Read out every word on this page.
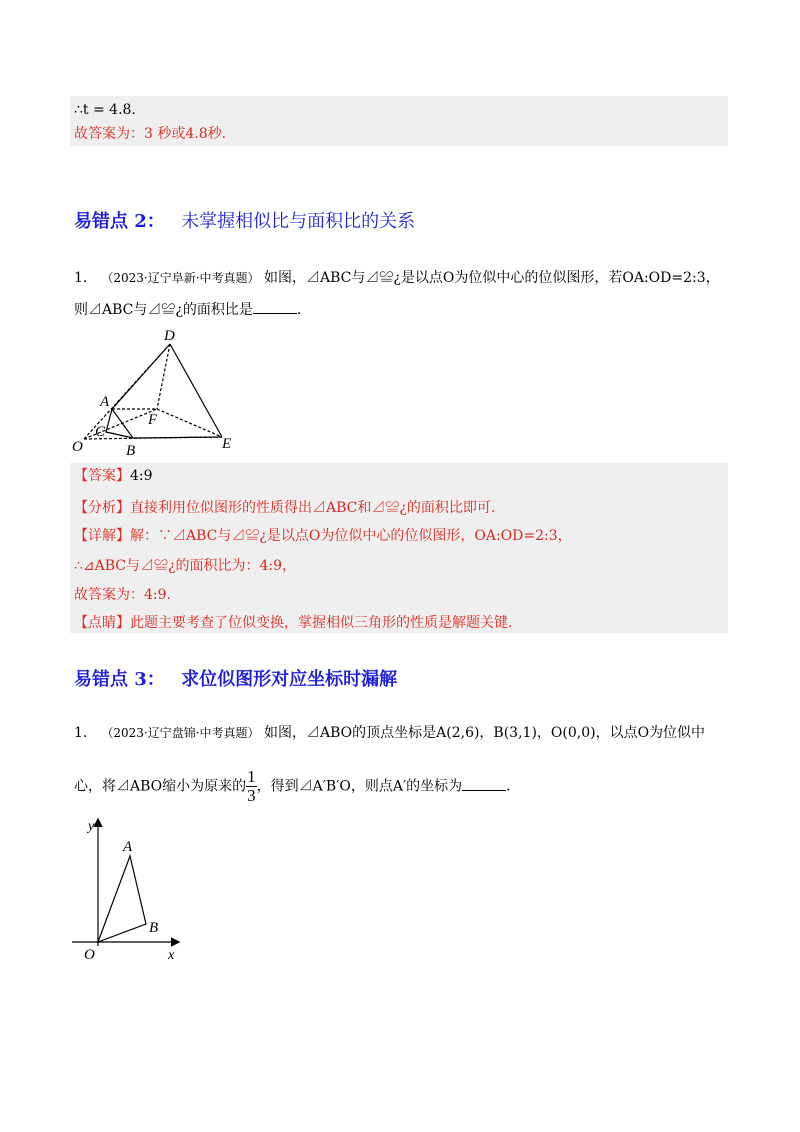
∴t = 4.8.
故答案为：3 秒或4.8秒.
易错点 2： 未掌握相似比与面积比的关系
1． （2023·辽宁阜新·中考真题） 如图，⊿ABC与⊿≌¿是以点O为位似中心的位似图形，若OA:OD=2:3，
则⊿ABC与⊿≌¿的面积比是	.
D
A
F
C
O	B	E
【答案】4:9
【分析】直接利用位似图形的性质得出⊿ABC和⊿≌¿的面积比即可.
【详解】解：∵⊿ABC与⊿≌¿是以点O为位似中心的位似图形，OA:OD=2:3，
∴⊿ABC与⊿≌¿的面积比为：4:9，
故答案为：4:9.
【点睛】此题主要考查了位似变换，掌握相似三角形的性质是解题关键.
易错点 3： 求位似图形对应坐标时漏解
1． （2023·辽宁盘锦·中考真题） 如图，⊿ABO的顶点坐标是A(2,6)，B(3,1)，O(0,0)，以点O为位似中
心，将⊿ABO缩小为原来的 $\frac{1}{3}$ ，得到⊿A′B′O，则点A′的坐标为	.
y
A
B
O	x
